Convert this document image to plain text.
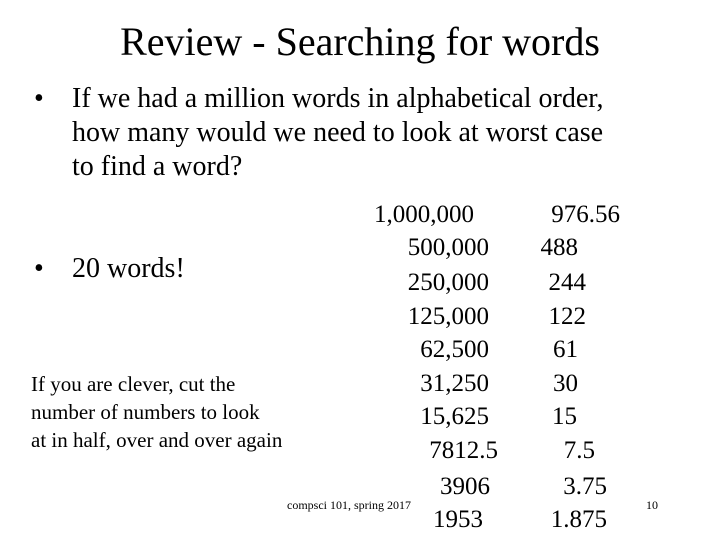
Review - Searching for words
• If we had a million words in alphabetical order,
how many would we need to look at worst case
to find a word?
• 20 words!
If you are clever, cut the
number of numbers to look
at in half, over and over again
1,000,000
500,000
250,000
125,000
62,500
31,250
15,625
7812.5
3906
1953
976.56
488
244
122
61
30
15
7.5
3.75
1.875
compsci 101, spring 2017	10
